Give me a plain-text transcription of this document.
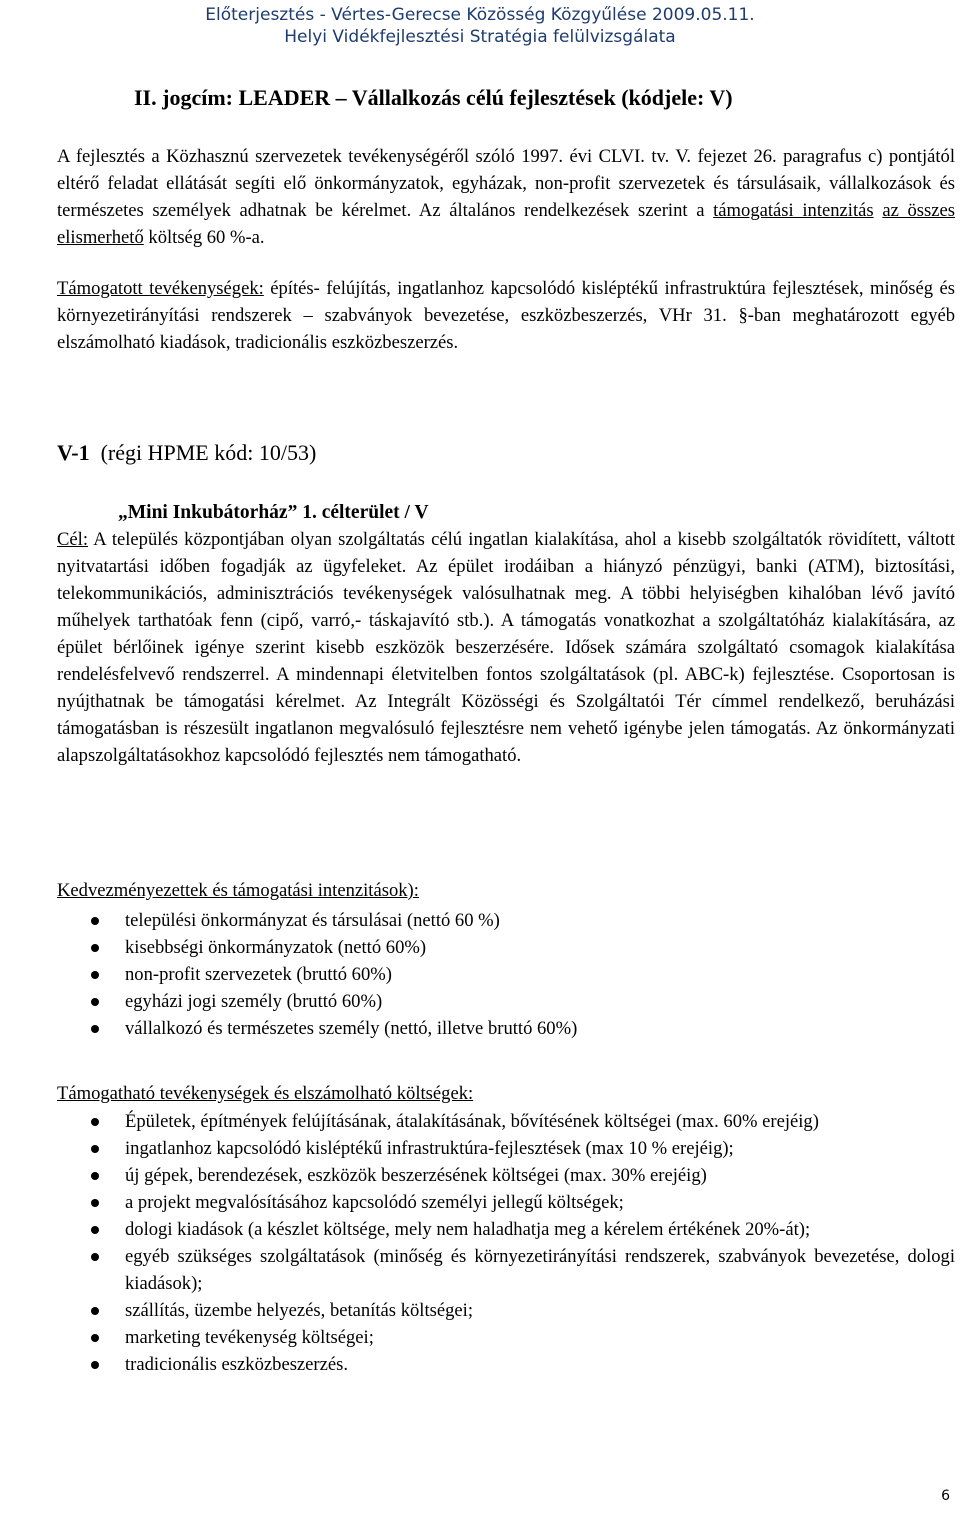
Előterjesztés - Vértes-Gerecse Közösség Közgyűlése 2009.05.11.
Helyi Vidékfejlesztési Stratégia felülvizsgálata
II. jogcím: LEADER – Vállalkozás célú fejlesztések (kódjele: V)
A fejlesztés a Közhasznú szervezetek tevékenységéről szóló 1997. évi CLVI. tv. V. fejezet 26. paragrafus c) pontjától eltérő feladat ellátását segíti elő önkormányzatok, egyházak, non-profit szervezetek és társulásaik, vállalkozások és természetes személyek adhatnak be kérelmet. Az általános rendelkezések szerint a támogatási intenzitás az összes elismerhető költség 60 %-a.
Támogatott tevékenységek: építés- felújítás, ingatlanhoz kapcsolódó kisléptékű infrastruktúra fejlesztések, minőség és környezetirányítási rendszerek – szabványok bevezetése, eszközbeszerzés, VHr 31. §-ban meghatározott egyéb elszámolható kiadások, tradicionális eszközbeszerzés.
V-1 (régi HPME kód: 10/53)
„Mini Inkubátorház” 1. célterület / V
Cél: A település központjában olyan szolgáltatás célú ingatlan kialakítása, ahol a kisebb szolgáltatók rövidített, váltott nyitvatartási időben fogadják az ügyfeleket. Az épület irodáiban a hiányzó pénzügyi, banki (ATM), biztosítási, telekommunikációs, adminisztrációs tevékenységek valósulhatnak meg. A többi helyiségben kihalóban lévő javító műhelyek tarthatóak fenn (cipő, varró,- táskajavító stb.). A támogatás vonatkozhat a szolgáltatóház kialakítására, az épület bérlőinek igénye szerint kisebb eszközök beszerzésére. Idősek számára szolgáltató csomagok kialakítása rendelésfelvevő rendszerrel. A mindennapi életvitelben fontos szolgáltatások (pl. ABC-k) fejlesztése. Csoportosan is nyújthatnak be támogatási kérelmet. Az Integrált Közösségi és Szolgáltatói Tér címmel rendelkező, beruházási támogatásban is részesült ingatlanon megvalósuló fejlesztésre nem vehető igénybe jelen támogatás. Az önkormányzati alapszolgáltatásokhoz kapcsolódó fejlesztés nem támogatható.
Kedvezményezettek és támogatási intenzitások):
települési önkormányzat és társulásai (nettó 60 %)
kisebbségi önkormányzatok (nettó 60%)
non-profit szervezetek (bruttó 60%)
egyházi jogi személy (bruttó 60%)
vállalkozó és természetes személy (nettó, illetve bruttó 60%)
Támogatható tevékenységek és elszámolható költségek:
Épületek, építmények felújításának, átalakításának, bővítésének költségei (max. 60% erejéig)
ingatlanhoz kapcsolódó kisléptékű infrastruktúra-fejlesztések (max 10 % erejéig);
új gépek, berendezések, eszközök beszerzésének költségei (max. 30% erejéig)
a projekt megvalósításához kapcsolódó személyi jellegű költségek;
dologi kiadások (a készlet költsége, mely nem haladhatja meg a kérelem értékének 20%-át);
egyéb szükséges szolgáltatások (minőség és környezetirányítási rendszerek, szabványok bevezetése, dologi kiadások);
szállítás, üzembe helyezés, betanítás költségei;
marketing tevékenység költségei;
tradicionális eszközbeszerzés.
6
